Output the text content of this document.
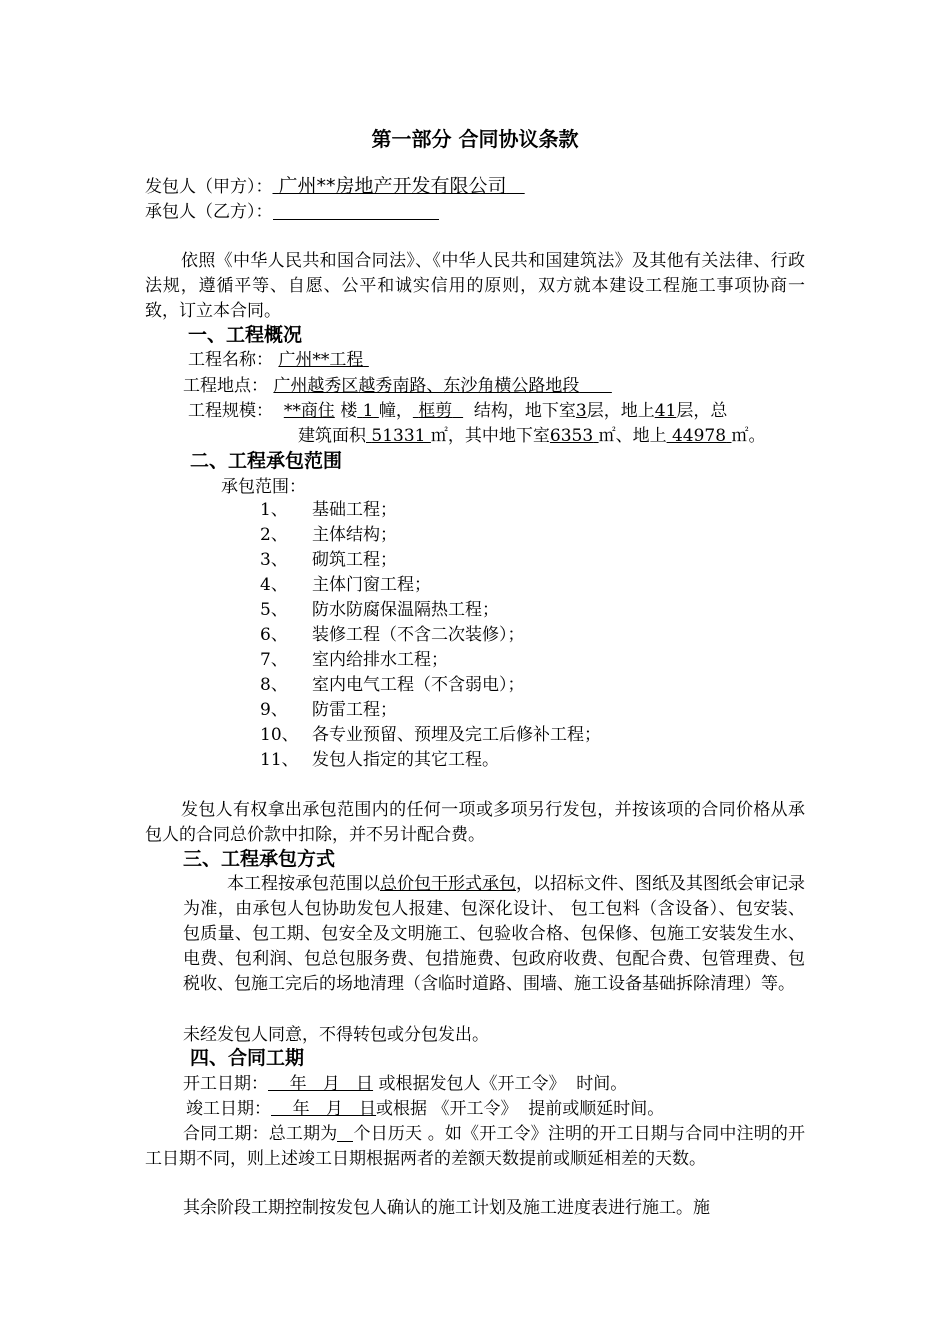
第一部分 合同协议条款
发包人（甲方）： 广州**房地产开发有限公司
承包人（乙方）：
依照《中华人民共和国合同法》、《中华人民共和国建筑法》及其他有关法律、行政法规，遵循平等、自愿、公平和诚实信用的原则，双方就本建设工程施工事项协商一致，订立本合同。
一、工程概况
工程名称： 广州**工程
工程地点： 广州越秀区越秀南路、东沙角横公路地段
工程规模： **商住 楼 1 幢， 框剪 结构，地下室3层，地上41层，总
建筑面积 51331 ㎡，其中地下室6353 ㎡、地上 44978 ㎡。
二、工程承包范围
承包范围：
1、 基础工程；
2、 主体结构；
3、 砌筑工程；
4、 主体门窗工程；
5、 防水防腐保温隔热工程；
6、 装修工程（不含二次装修）；
7、 室内给排水工程；
8、 室内电气工程（不含弱电）；
9、 防雷工程；
10、 各专业预留、预埋及完工后修补工程；
11、 发包人指定的其它工程。
发包人有权拿出承包范围内的任何一项或多项另行发包，并按该项的合同价格从承包人的合同总价款中扣除，并不另计配合费。
三、工程承包方式
本工程按承包范围以总价包干形式承包，以招标文件、图纸及其图纸会审记录为准，由承包人包协助发包人报建、包深化设计、 包工包料（含设备）、包安装、包质量、包工期、包安全及文明施工、包验收合格、包保修、包施工安装发生水、电费、包利润、包总包服务费、包措施费、包政府收费、包配合费、包管理费、包税收、包施工完后的场地清理（含临时道路、围墙、施工设备基础拆除清理）等。
未经发包人同意，不得转包或分包发出。
四、合同工期
开工日期：    年   月   日 或根据发包人《开工令》  时间。
竣工日期：    年   月   日或根据 《开工令》  提前或顺延时间。
合同工期：总工期为 个日历天 。如《开工令》注明的开工日期与合同中注明的开工日期不同，则上述竣工日期根据两者的差额天数提前或顺延相差的天数。
其余阶段工期控制按发包人确认的施工计划及施工进度表进行施工。施
